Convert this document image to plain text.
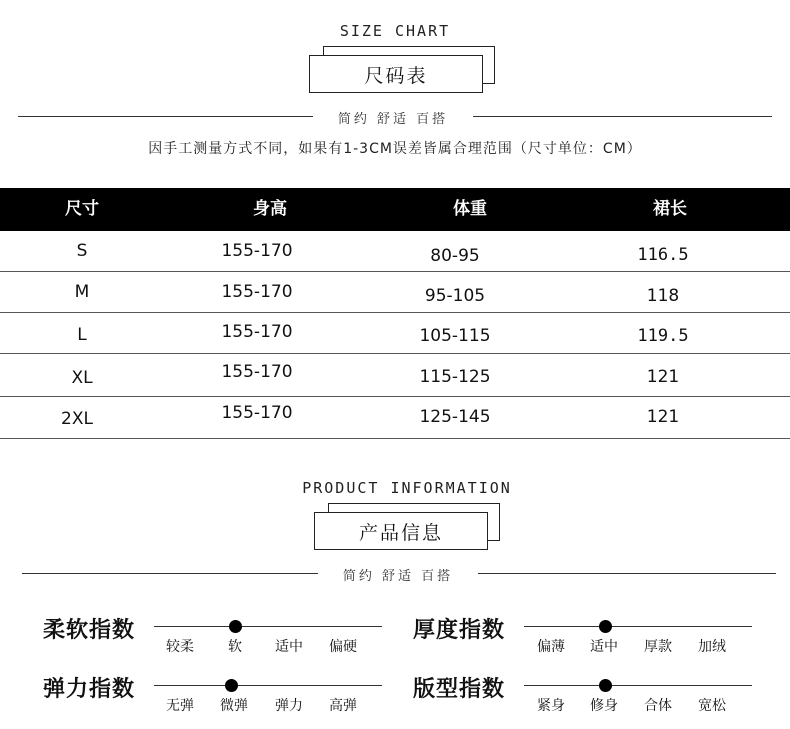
SIZE CHART
尺码表
简约 舒适 百搭
因手工测量方式不同，如果有1-3CM误差皆属合理范围（尺寸单位：CM）
尺寸	身高	体重	裙长
S	155-170	80-95	116.5
M	155-170	95-105	118
L	155-170	105-115	119.5
XL	155-170	115-125	121
2XL	155-170	125-145	121
PRODUCT INFORMATION
产品信息
简约 舒适 百搭
柔软指数
较柔 软 适中 偏硬
厚度指数
偏薄 适中 厚款 加绒
弹力指数
无弹 微弹 弹力 高弹
版型指数
紧身 修身 合体 宽松
